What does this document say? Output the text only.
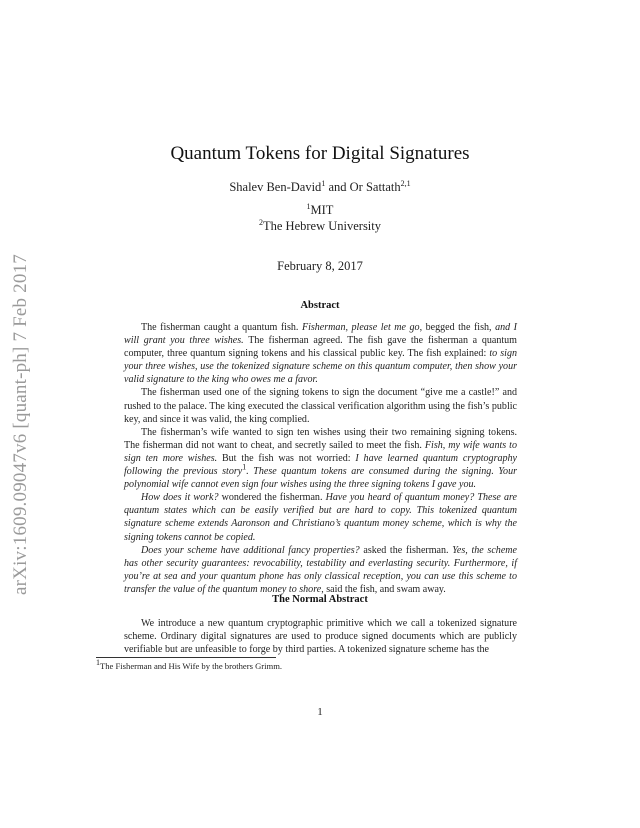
arXiv:1609.09047v6 [quant-ph] 7 Feb 2017
Quantum Tokens for Digital Signatures
Shalev Ben-David$^1$ and Or Sattath$^{2,1}$
$^1$MIT
$^2$The Hebrew University
February 8, 2017
Abstract

The fisherman caught a quantum fish. Fisherman, please let me go, begged the fish, and I will grant you three wishes. The fisherman agreed. The fish gave the fisherman a quantum computer, three quantum signing tokens and his classical public key. The fish explained: to sign your three wishes, use the tokenized signature scheme on this quantum computer, then show your valid signature to the king who owes me a favor.

The fisherman used one of the signing tokens to sign the document “give me a castle!” and rushed to the palace. The king executed the classical verification algorithm using the fish’s public key, and since it was valid, the king complied.

The fisherman’s wife wanted to sign ten wishes using their two remaining signing tokens. The fisherman did not want to cheat, and secretly sailed to meet the fish. Fish, my wife wants to sign ten more wishes. But the fish was not worried: I have learned quantum cryptography following the previous story$^1$. These quantum tokens are consumed during the signing. Your polynomial wife cannot even sign four wishes using the three signing tokens I gave you.

How does it work? wondered the fisherman. Have you heard of quantum money? These are quantum states which can be easily verified but are hard to copy. This tokenized quantum signature scheme extends Aaronson and Christiano’s quantum money scheme, which is why the signing tokens cannot be copied.

Does your scheme have additional fancy properties? asked the fisherman. Yes, the scheme has other security guarantees: revocability, testability and everlasting security. Furthermore, if you’re at sea and your quantum phone has only classical reception, you can use this scheme to transfer the value of the quantum money to shore, said the fish, and swam away.

The Normal Abstract

We introduce a new quantum cryptographic primitive which we call a tokenized signature scheme. Ordinary digital signatures are used to produce signed documents which are publicly verifiable but are unfeasible to forge by third parties. A tokenized signature scheme has the

$^1$The Fisherman and His Wife by the brothers Grimm.
1
